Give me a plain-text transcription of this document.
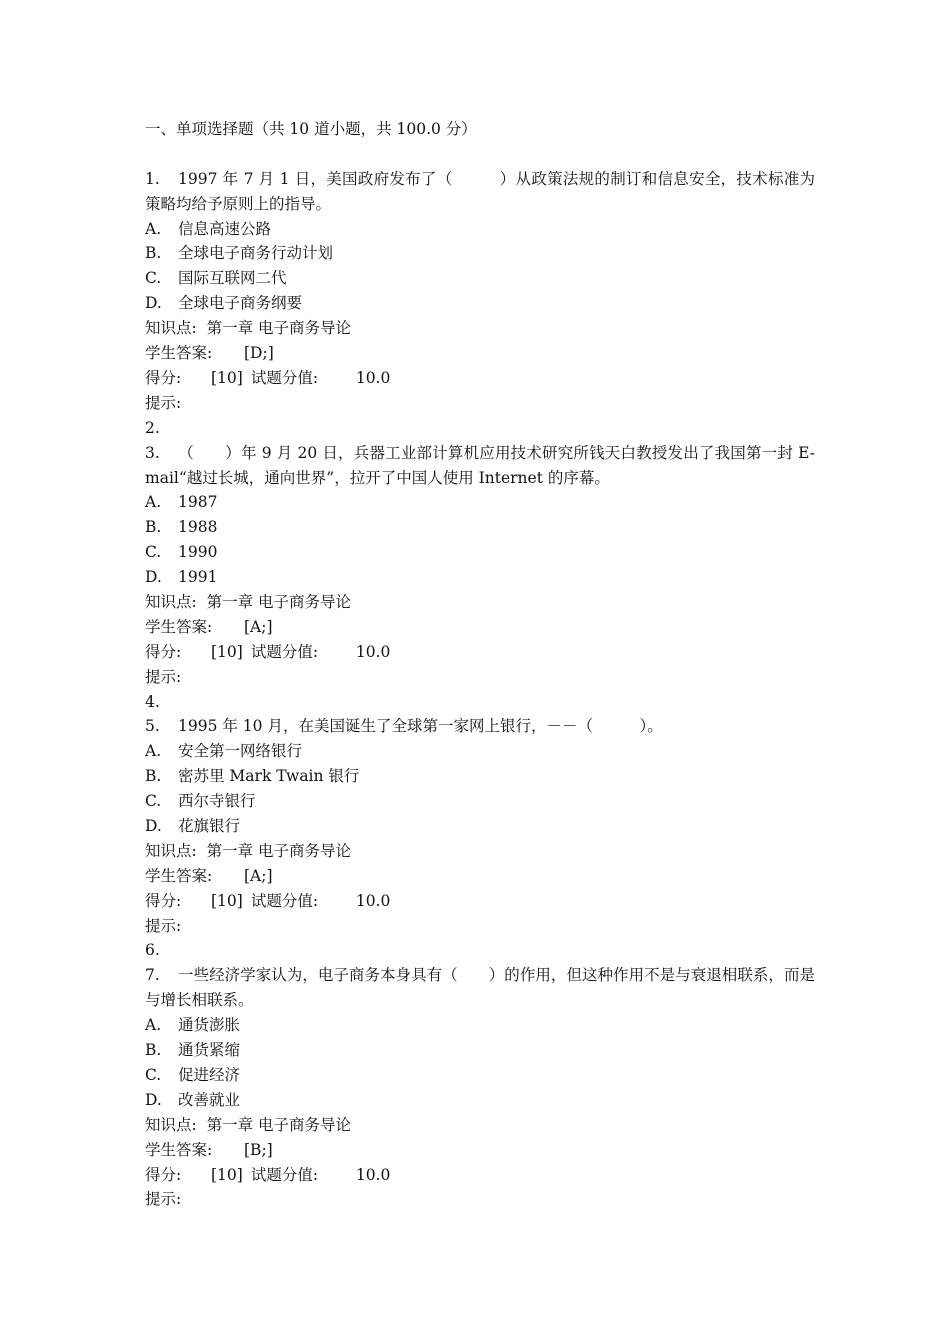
一、单项选择题（共 10 道小题，共 100.0 分）
1. 1997 年 7 月 1 日，美国政府发布了（　　　）从政策法规的制订和信息安全，技术标准为策略均给予原则上的指导。
A.	信息高速公路
B.	全球电子商务行动计划
C.	国际互联网二代
D.	全球电子商务纲要
知识点:
第一章 电子商务导论
学生答案:	[D;]
得分:	[10] 试题分值:	10.0
提示:
2.
3. （　　）年 9 月 20 日，兵器工业部计算机应用技术研究所钱天白教授发出了我国第一封 E-mail“越过长城，通向世界”，拉开了中国人使用 Internet 的序幕。
A.	1987
B.	1988
C.	1990
D.	1991
知识点:
第一章 电子商务导论
学生答案:	[A;]
得分:	[10] 试题分值:	10.0
提示:
4.
5. 1995 年 10 月，在美国诞生了全球第一家网上银行，－－（　　　）。
A.	安全第一网络银行
B.	密苏里 Mark Twain 银行
C.	西尔寺银行
D.	花旗银行
知识点:
第一章 电子商务导论
学生答案:	[A;]
得分:	[10] 试题分值:	10.0
提示:
6.
7. 一些经济学家认为，电子商务本身具有（　　）的作用，但这种作用不是与衰退相联系，而是与增长相联系。
A.	通货澎胀
B.	通货紧缩
C.	促进经济
D.	改善就业
知识点:
第一章 电子商务导论
学生答案:	[B;]
得分:	[10] 试题分值:	10.0
提示:
